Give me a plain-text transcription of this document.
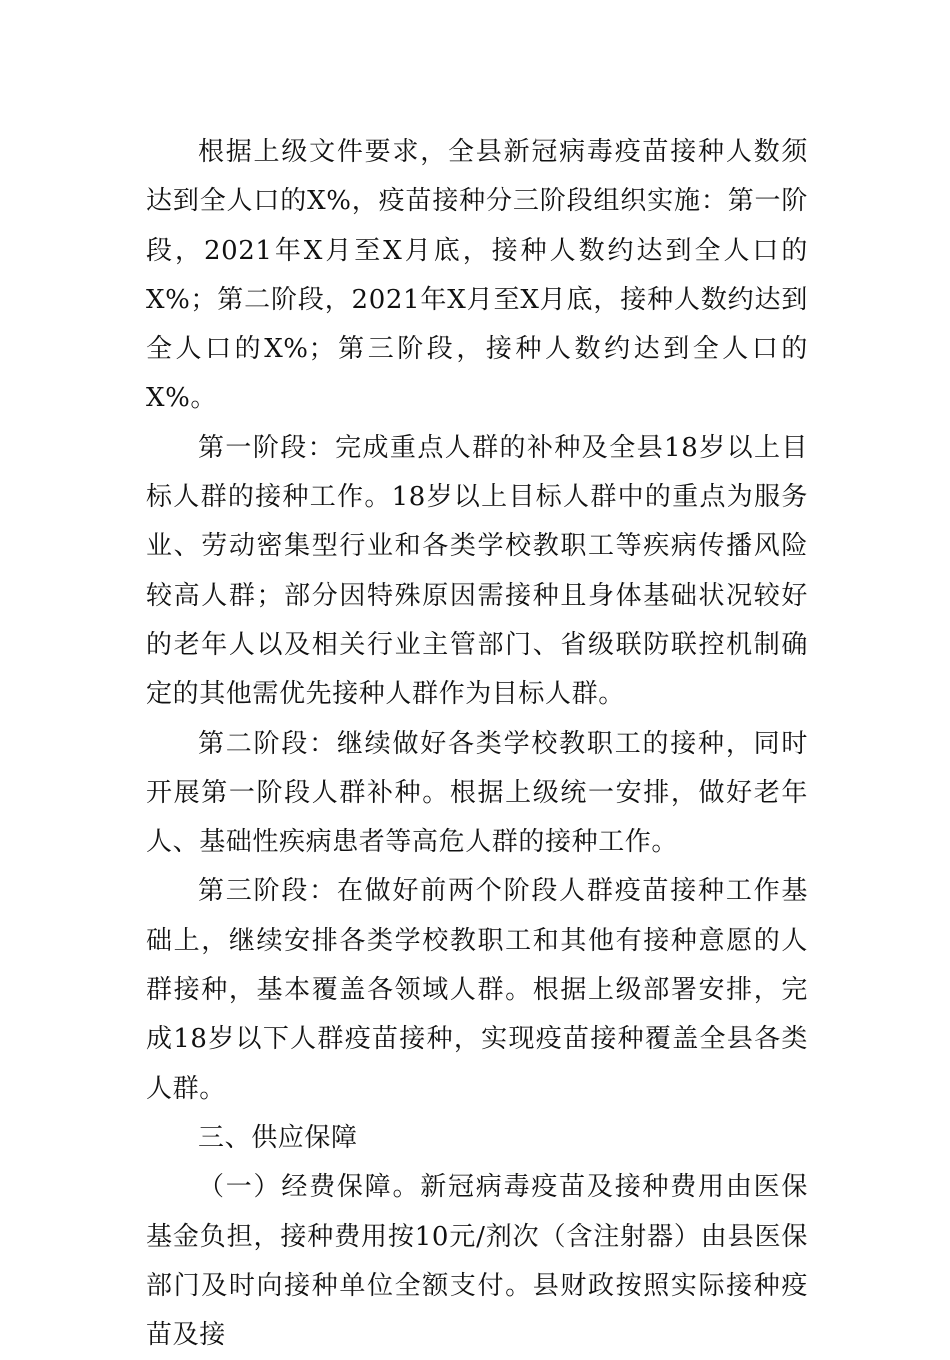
根据上级文件要求，全县新冠病毒疫苗接种人数须达到全人口的X%，疫苗接种分三阶段组织实施：第一阶段，2021年X月至X月底，接种人数约达到全人口的X%；第二阶段，2021年X月至X月底，接种人数约达到全人口的X%；第三阶段，接种人数约达到全人口的X%。

第一阶段：完成重点人群的补种及全县18岁以上目标人群的接种工作。18岁以上目标人群中的重点为服务业、劳动密集型行业和各类学校教职工等疾病传播风险较高人群；部分因特殊原因需接种且身体基础状况较好的老年人以及相关行业主管部门、省级联防联控机制确定的其他需优先接种人群作为目标人群。

第二阶段：继续做好各类学校教职工的接种，同时开展第一阶段人群补种。根据上级统一安排，做好老年人、基础性疾病患者等高危人群的接种工作。

第三阶段：在做好前两个阶段人群疫苗接种工作基础上，继续安排各类学校教职工和其他有接种意愿的人群接种，基本覆盖各领域人群。根据上级部署安排，完成18岁以下人群疫苗接种，实现疫苗接种覆盖全县各类人群。

三、供应保障

（一）经费保障。新冠病毒疫苗及接种费用由医保基金负担，接种费用按10元/剂次（含注射器）由县医保部门及时向接种单位全额支付。县财政按照实际接种疫苗及接
